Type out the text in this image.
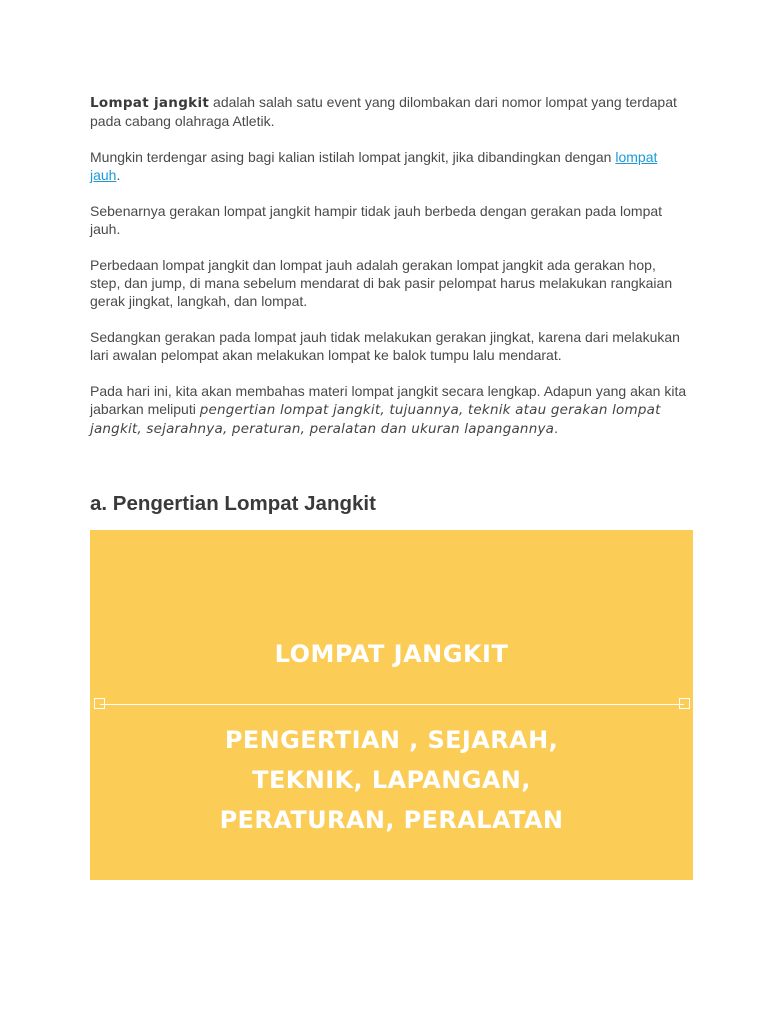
Lompat jangkit adalah salah satu event yang dilombakan dari nomor lompat yang terdapat pada cabang olahraga Atletik.

Mungkin terdengar asing bagi kalian istilah lompat jangkit, jika dibandingkan dengan lompat jauh.

Sebenarnya gerakan lompat jangkit hampir tidak jauh berbeda dengan gerakan pada lompat jauh.

Perbedaan lompat jangkit dan lompat jauh adalah gerakan lompat jangkit ada gerakan hop, step, dan jump, di mana sebelum mendarat di bak pasir pelompat harus melakukan rangkaian gerak jingkat, langkah, dan lompat.

Sedangkan gerakan pada lompat jauh tidak melakukan gerakan jingkat, karena dari melakukan lari awalan pelompat akan melakukan lompat ke balok tumpu lalu mendarat.

Pada hari ini, kita akan membahas materi lompat jangkit secara lengkap. Adapun yang akan kita jabarkan meliputi pengertian lompat jangkit, tujuannya, teknik atau gerakan lompat jangkit, sejarahnya, peraturan, peralatan dan ukuran lapangannya.

a. Pengertian Lompat Jangkit
LOMPAT JANGKIT
PENGERTIAN , SEJARAH,
TEKNIK, LAPANGAN,
PERATURAN, PERALATAN
